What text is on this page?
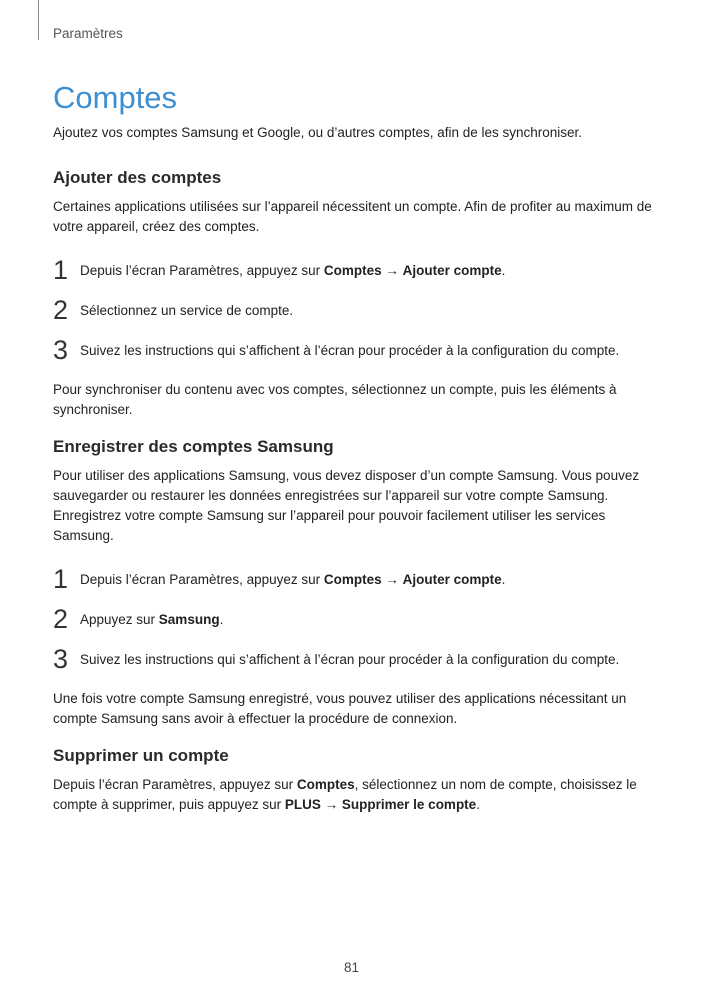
Paramètres
Comptes
Ajoutez vos comptes Samsung et Google, ou d’autres comptes, afin de les synchroniser.
Ajouter des comptes

Certaines applications utilisées sur l’appareil nécessitent un compte. Afin de profiter au maximum de votre appareil, créez des comptes.

1 Depuis l’écran Paramètres, appuyez sur Comptes → Ajouter compte.
2 Sélectionnez un service de compte.
3 Suivez les instructions qui s’affichent à l’écran pour procéder à la configuration du compte.

Pour synchroniser du contenu avec vos comptes, sélectionnez un compte, puis les éléments à synchroniser.

Enregistrer des comptes Samsung

Pour utiliser des applications Samsung, vous devez disposer d’un compte Samsung. Vous pouvez sauvegarder ou restaurer les données enregistrées sur l’appareil sur votre compte Samsung. Enregistrez votre compte Samsung sur l’appareil pour pouvoir facilement utiliser les services Samsung.

1 Depuis l’écran Paramètres, appuyez sur Comptes → Ajouter compte.
2 Appuyez sur Samsung.
3 Suivez les instructions qui s’affichent à l’écran pour procéder à la configuration du compte.

Une fois votre compte Samsung enregistré, vous pouvez utiliser des applications nécessitant un compte Samsung sans avoir à effectuer la procédure de connexion.

Supprimer un compte

Depuis l’écran Paramètres, appuyez sur Comptes, sélectionnez un nom de compte, choisissez le compte à supprimer, puis appuyez sur PLUS → Supprimer le compte.

81
